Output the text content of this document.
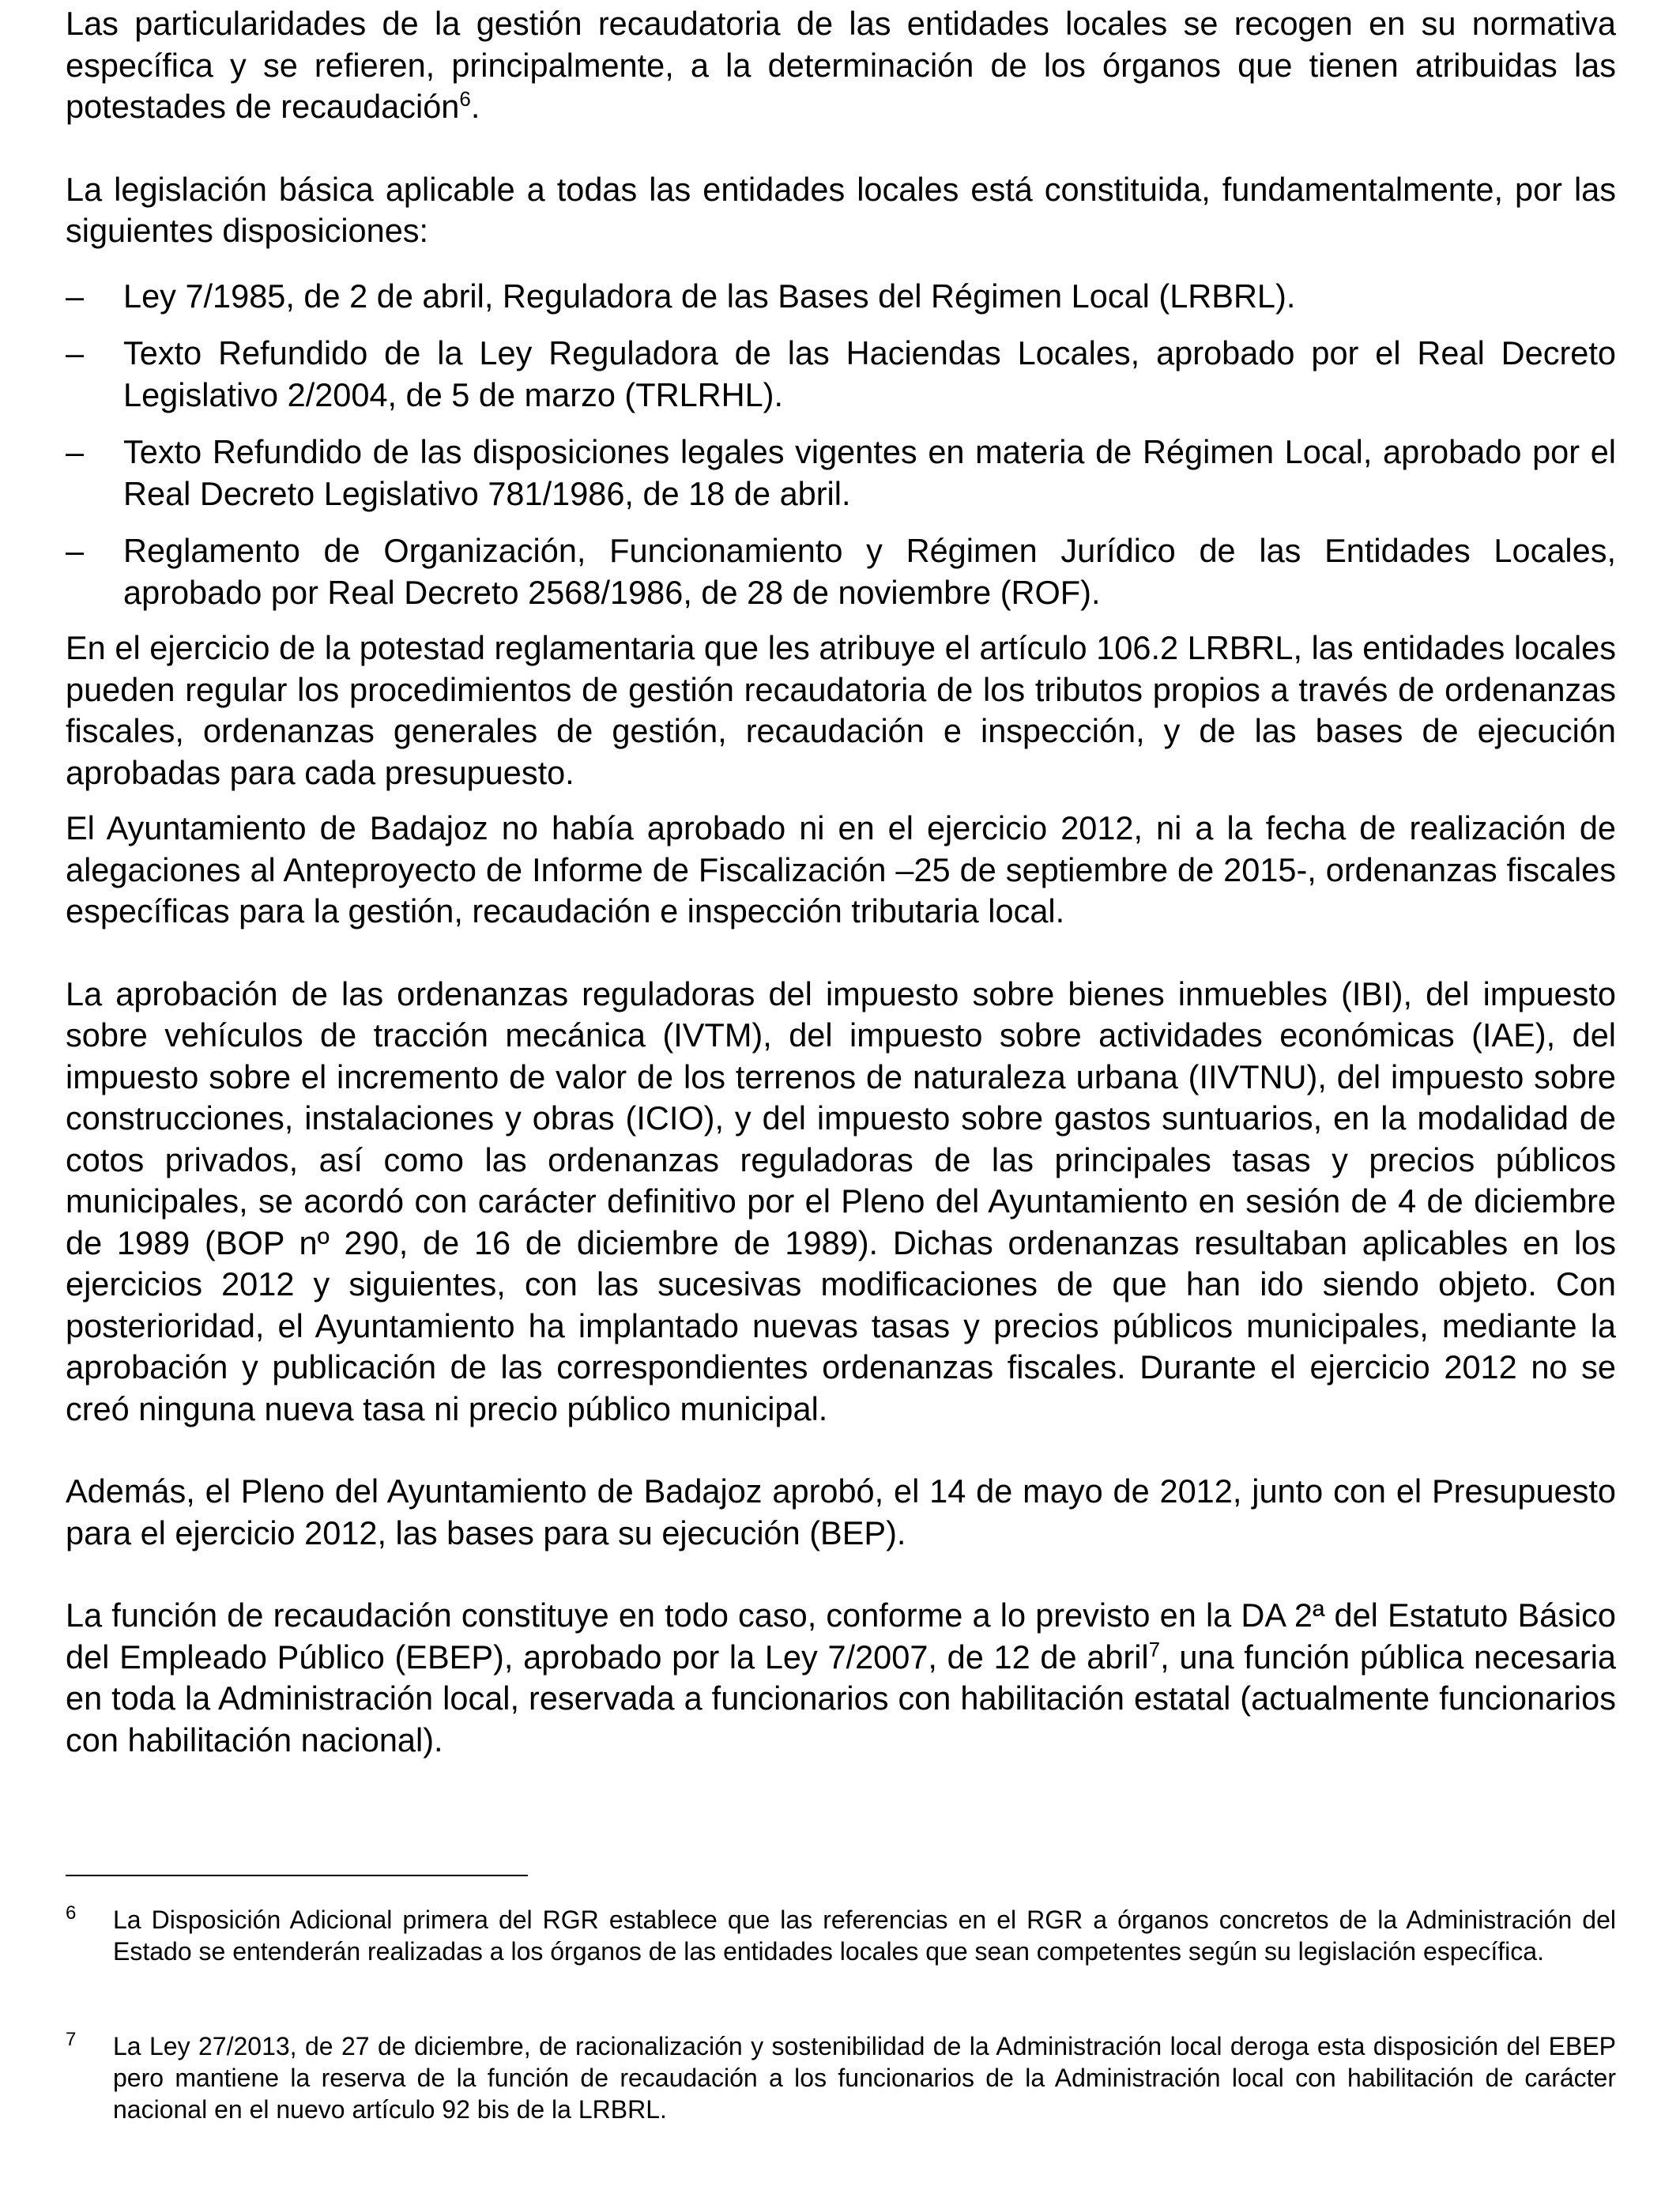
Las particularidades de la gestión recaudatoria de las entidades locales se recogen en su normativa específica y se refieren, principalmente, a la determinación de los órganos que tienen atribuidas las potestades de recaudación$^6$.

La legislación básica aplicable a todas las entidades locales está constituida, fundamentalmente, por las siguientes disposiciones:

– Ley 7/1985, de 2 de abril, Reguladora de las Bases del Régimen Local (LRBRL).
– Texto Refundido de la Ley Reguladora de las Haciendas Locales, aprobado por el Real Decreto Legislativo 2/2004, de 5 de marzo (TRLRHL).
– Texto Refundido de las disposiciones legales vigentes en materia de Régimen Local, aprobado por el Real Decreto Legislativo 781/1986, de 18 de abril.
– Reglamento de Organización, Funcionamiento y Régimen Jurídico de las Entidades Locales, aprobado por Real Decreto 2568/1986, de 28 de noviembre (ROF).

En el ejercicio de la potestad reglamentaria que les atribuye el artículo 106.2 LRBRL, las entidades locales pueden regular los procedimientos de gestión recaudatoria de los tributos propios a través de ordenanzas fiscales, ordenanzas generales de gestión, recaudación e inspección, y de las bases de ejecución aprobadas para cada presupuesto.

El Ayuntamiento de Badajoz no había aprobado ni en el ejercicio 2012, ni a la fecha de realización de alegaciones al Anteproyecto de Informe de Fiscalización –25 de septiembre de 2015-, ordenanzas fiscales específicas para la gestión, recaudación e inspección tributaria local.

La aprobación de las ordenanzas reguladoras del impuesto sobre bienes inmuebles (IBI), del impuesto sobre vehículos de tracción mecánica (IVTM), del impuesto sobre actividades económicas (IAE), del impuesto sobre el incremento de valor de los terrenos de naturaleza urbana (IIVTNU), del impuesto sobre construcciones, instalaciones y obras (ICIO), y del impuesto sobre gastos suntuarios, en la modalidad de cotos privados, así como las ordenanzas reguladoras de las principales tasas y precios públicos municipales, se acordó con carácter definitivo por el Pleno del Ayuntamiento en sesión de 4 de diciembre de 1989 (BOP nº 290, de 16 de diciembre de 1989). Dichas ordenanzas resultaban aplicables en los ejercicios 2012 y siguientes, con las sucesivas modificaciones de que han ido siendo objeto. Con posterioridad, el Ayuntamiento ha implantado nuevas tasas y precios públicos municipales, mediante la aprobación y publicación de las correspondientes ordenanzas fiscales. Durante el ejercicio 2012 no se creó ninguna nueva tasa ni precio público municipal.

Además, el Pleno del Ayuntamiento de Badajoz aprobó, el 14 de mayo de 2012, junto con el Presupuesto para el ejercicio 2012, las bases para su ejecución (BEP).

La función de recaudación constituye en todo caso, conforme a lo previsto en la DA 2ª del Estatuto Básico del Empleado Público (EBEP), aprobado por la Ley 7/2007, de 12 de abril$^7$, una función pública necesaria en toda la Administración local, reservada a funcionarios con habilitación estatal (actualmente funcionarios con habilitación nacional).

6 La Disposición Adicional primera del RGR establece que las referencias en el RGR a órganos concretos de la Administración del Estado se entenderán realizadas a los órganos de las entidades locales que sean competentes según su legislación específica.
7 La Ley 27/2013, de 27 de diciembre, de racionalización y sostenibilidad de la Administración local deroga esta disposición del EBEP pero mantiene la reserva de la función de recaudación a los funcionarios de la Administración local con habilitación de carácter nacional en el nuevo artículo 92 bis de la LRBRL.
